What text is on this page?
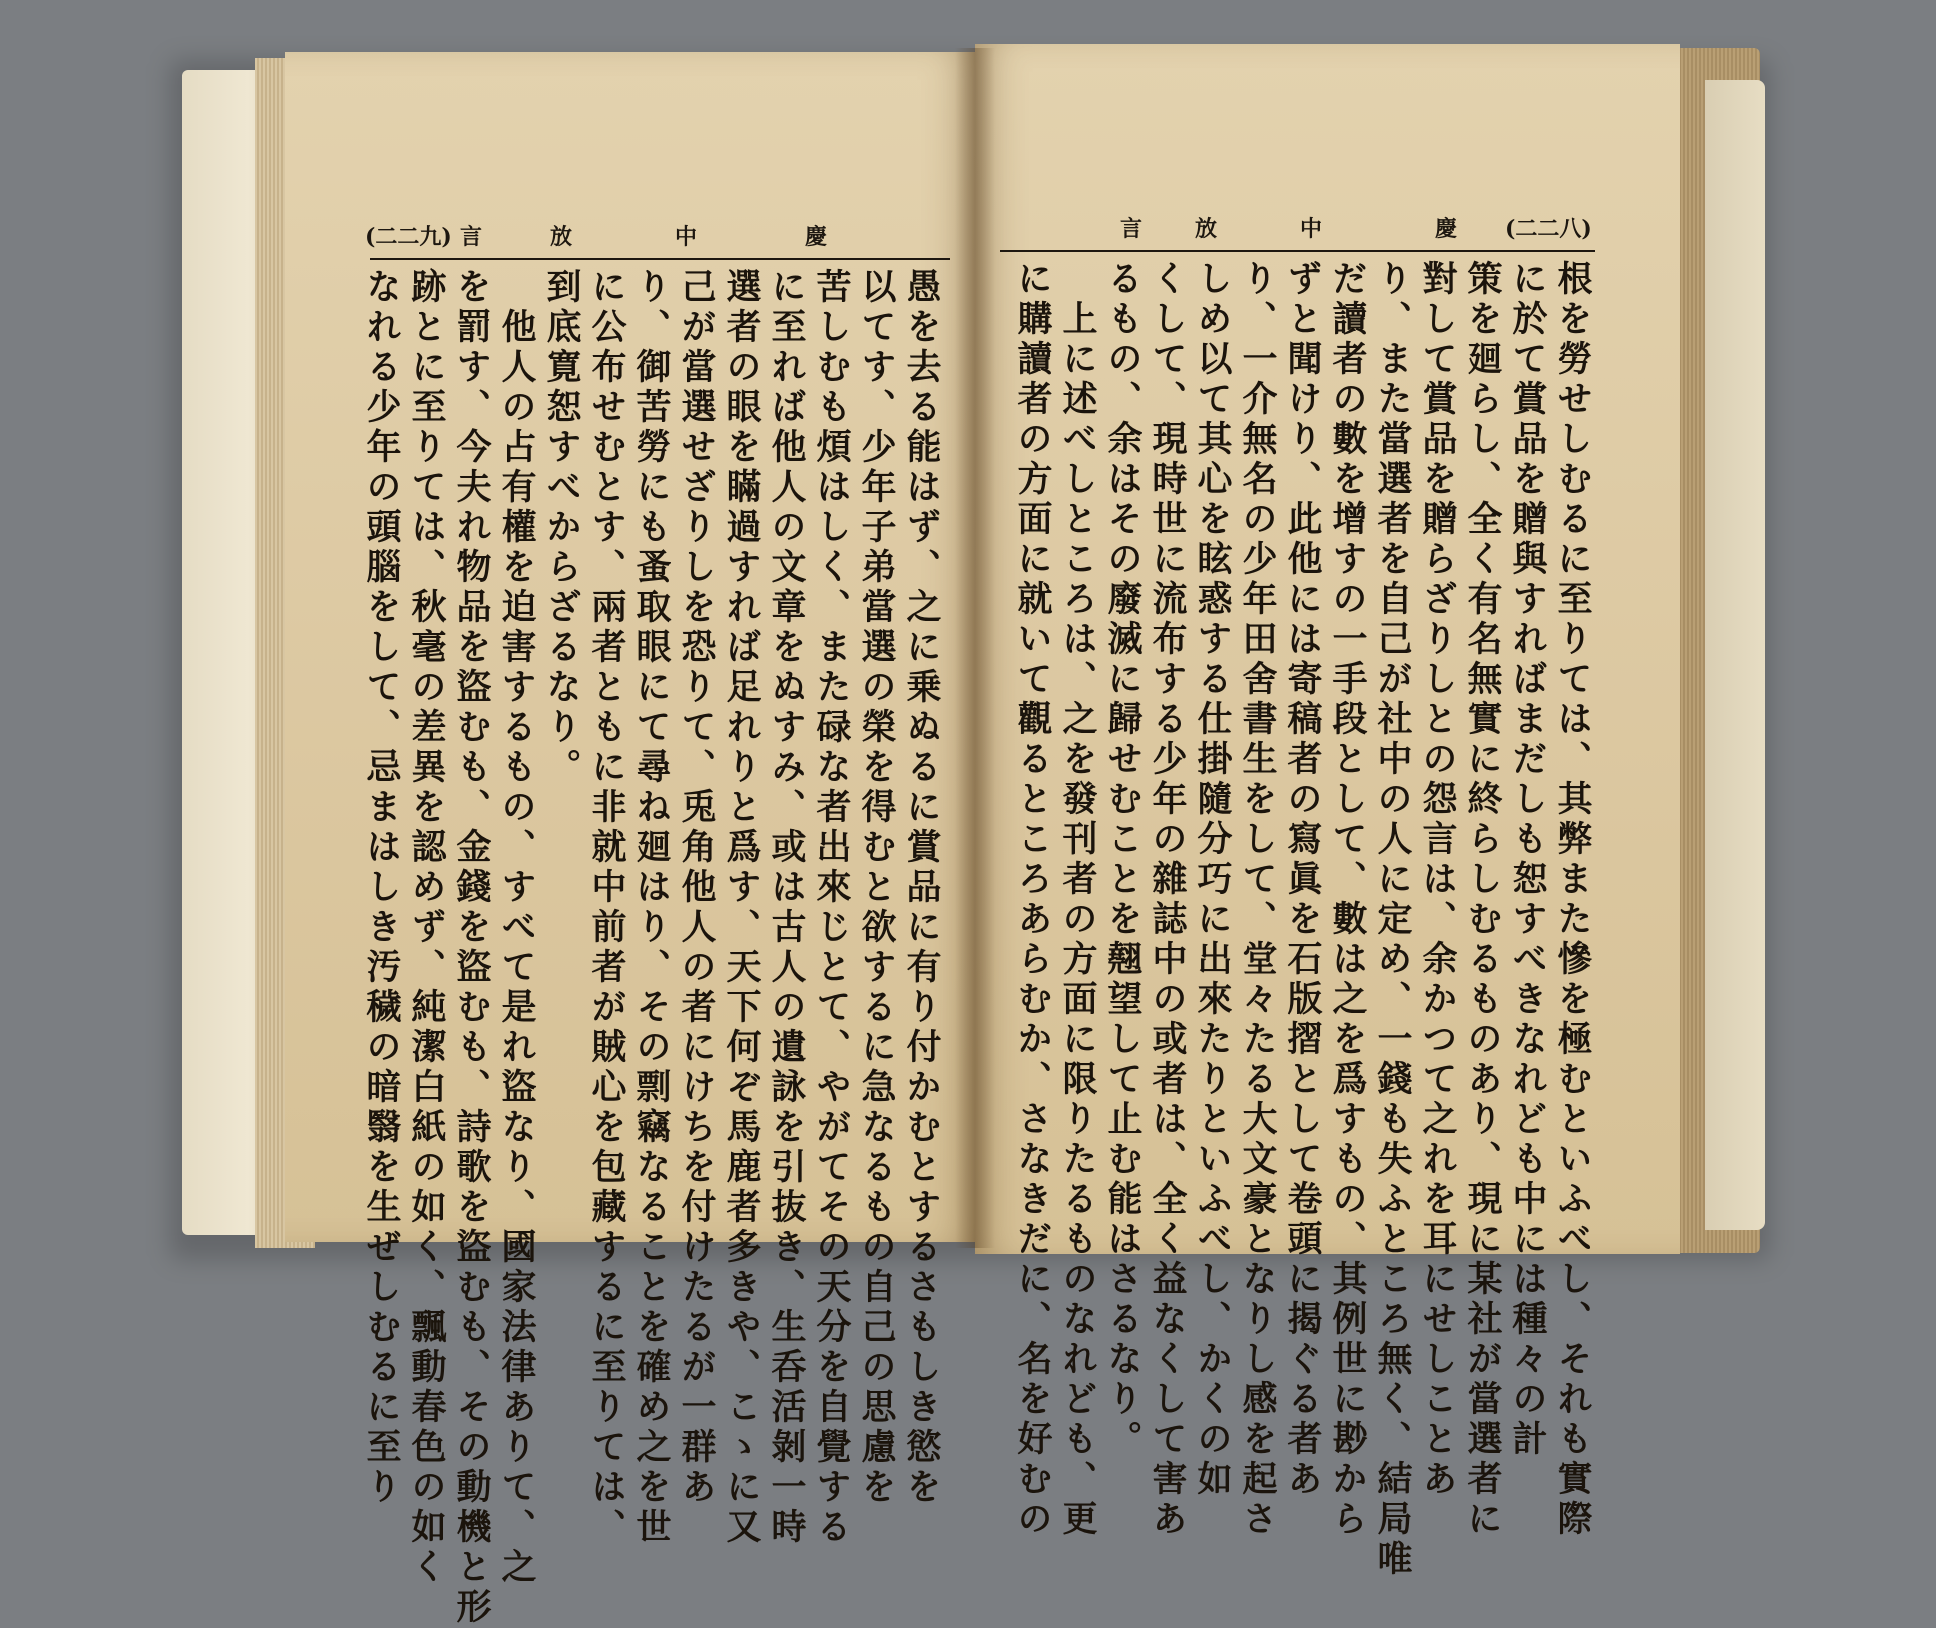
(二二九)	慶
中
放
言	慶
中
放
言	(二二八)
愚を去る能はず、之に乗ぬるに賞品に有り付かむとするさもしき慾を
以てす、少年子弟當選の榮を得むと欲するに急なるもの自己の思慮を
苦しむも煩はしく、また碌な者出來じとて、やがてその天分を自覺する
に至れば他人の文章をぬすみ、或は古人の遺詠を引抜き、生呑活剝一時
選者の眼を瞞過すれば足れりと爲す、天下何ぞ馬鹿者多きや、こゝに又
己が當選せざりしを恐りて、兎角他人の者にけちを付けたるが一群あ
り、御苦勞にも蚤取眼にて尋ね廻はり、その剽竊なることを確め之を世
に公布せむとす、兩者ともに非就中前者が賊心を包藏するに至りては、
到底寛恕すべからざるなり。
　他人の占有權を迫害するもの、すべて是れ盜なり、國家法律ありて、之
を罰す、今夫れ物品を盜むも、金錢を盜むも、詩歌を盜むも、その動機と形
跡とに至りては、秋毫の差異を認めず、純潔白紙の如く、飄動春色の如く
なれる少年の頭腦をして、忌まはしき汚穢の暗翳を生ぜしむるに至り	根を勞せしむるに至りては、其弊また慘を極むといふべし、それも實際
に於て賞品を贈與すればまだしも恕すべきなれども中には種々の計
策を廻らし、全く有名無實に終らしむるものあり、現に某社が當選者に
對して賞品を贈らざりしとの怨言は、余かつて之れを耳にせしことあ
り、また當選者を自己が社中の人に定め、一錢も失ふところ無く、結局唯
だ讀者の數を增すの一手段として、數は之を爲すもの、其例世に尠から
ずと聞けり、此他には寄稿者の寫眞を石版摺として卷頭に揭ぐる者あ
り、一介無名の少年田舍書生をして、堂々たる大文豪となりし感を起さ
しめ以て其心を眩惑する仕掛隨分巧に出來たりといふべし、かくの如
くして、現時世に流布する少年の雜誌中の或者は、全く益なくして害あ
るもの、余はその廢滅に歸せむことを翹望して止む能はさるなり。
　上に述べしところは、之を發刊者の方面に限りたるものなれども、更
に購讀者の方面に就いて觀るところあらむか、さなきだに、名を好むの
